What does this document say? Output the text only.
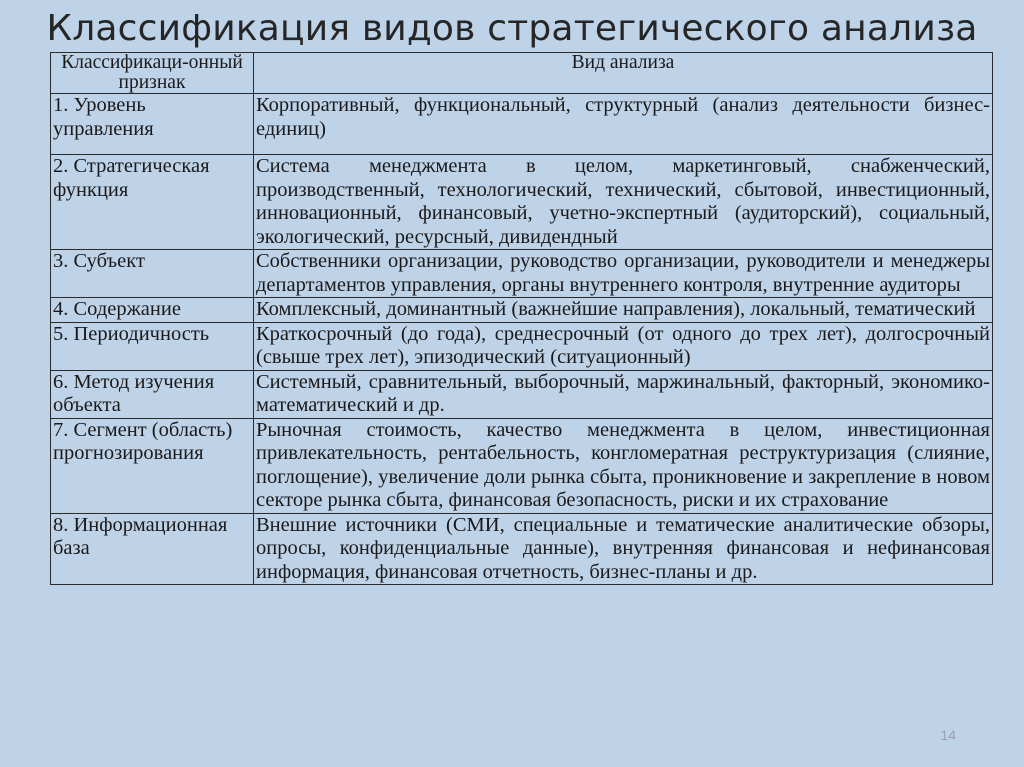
Классификация видов стратегического анализа
Классификаци-онный признак	Вид анализа
1. Уровень управления	Корпоративный, функциональный, структурный (анализ деятельности бизнес-единиц)
2. Стратегическая функция	Система менеджмента в целом, маркетинговый, снабженческий, производственный, технологический, технический, сбытовой, инвестиционный, инновационный, финансовый, учетно-экспертный (аудиторский), социальный, экологический, ресурсный, дивидендный
3. Субъект	Собственники организации, руководство организации, руководители и менеджеры департаментов управления, органы внутреннего контроля, внутренние аудиторы
4. Содержание	Комплексный, доминантный (важнейшие направления), локальный, тематический
5. Периодичность	Краткосрочный (до года), среднесрочный (от одного до трех лет), долгосрочный (свыше трех лет), эпизодический (ситуационный)
6. Метод изучения объекта	Системный, сравнительный, выборочный, маржинальный, факторный, экономико-математический и др.
7. Сегмент (область) прогнозирования	Рыночная стоимость, качество менеджмента в целом, инвестиционная привлекательность, рентабельность, конгломератная реструктуризация (слияние, поглощение), увеличение доли рынка сбыта, проникновение и закрепление в новом секторе рынка сбыта, финансовая безопасность, риски и их страхование
8. Информационная база	Внешние источники (СМИ, специальные и тематические аналитические обзоры, опросы, конфиденциальные данные), внутренняя финансовая и нефинансовая информация, финансовая отчетность, бизнес-планы и др.
14
